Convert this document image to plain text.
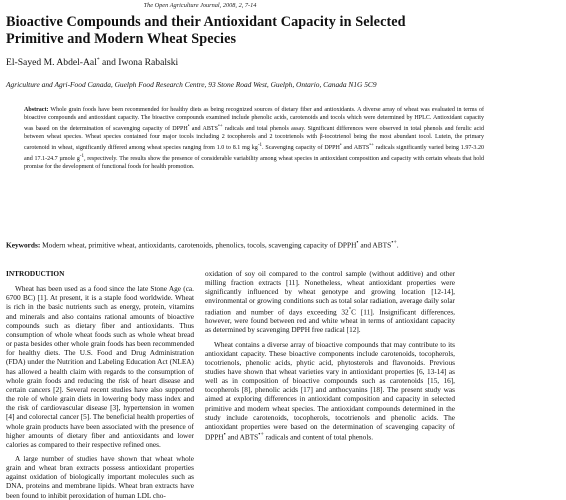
The Open Agriculture Journal, 2008, 2, 7-14
Bioactive Compounds and their Antioxidant Capacity in Selected
Primitive and Modern Wheat Species
El-Sayed M. Abdel-Aal* and Iwona Rabalski
Agriculture and Agri-Food Canada, Guelph Food Research Centre, 93 Stone Road West, Guelph, Ontario, Canada N1G 5C9
Abstract: Whole grain foods have been recommended for healthy diets as being recognized sources of dietary fiber and antioxidants. A diverse array of wheat was evaluated in terms of bioactive compounds and antioxidant capacity. The bioactive compounds examined include phenolic acids, carotenoids and tocols which were determined by HPLC. Antioxidant capacity was based on the determination of scavenging capacity of DPPH• and ABTS•+ radicals and total phenols assay. Significant differences were observed in total phenols and ferulic acid between wheat species. Wheat species contained four major tocols including 2 tocopherols and 2 tocotrienols with β-tocotrienol being the most abundant tocol. Lutein, the primary carotenoid in wheat, significantly differed among wheat species ranging from 1.0 to 8.1 mg $kg^{-1}$. Scavenging capacity of DPPH• and ABTS•+ radicals significantly varied being 1.97-3.20 and 17.1-24.7 µmole $g^{-1}$, respectively. The results show the presence of considerable variability among wheat species in antioxidant composition and capacity with certain wheats that hold promise for the development of functional foods for health promotion.
Keywords: Modern wheat, primitive wheat, antioxidants, carotenoids, phenolics, tocols, scavenging capacity of DPPH• and ABTS•+.
INTRODUCTION

Wheat has been used as a food since the late Stone Age (ca. 6700 BC) [1]. At present, it is a staple food worldwide. Wheat is rich in the basic nutrients such as energy, protein, vitamins and minerals and also contains rational amounts of bioactive compounds such as dietary fiber and antioxidants. Thus consumption of whole wheat foods such as whole wheat bread or pasta besides other whole grain foods has been recommended for healthy diets. The U.S. Food and Drug Administration (FDA) under the Nutrition and Labeling Education Act (NLEA) has allowed a health claim with regards to the consumption of whole grain foods and reducing the risk of heart disease and certain cancers [2]. Several recent studies have also supported the role of whole grain diets in lowering body mass index and the risk of cardiovascular disease [3], hypertension in women [4] and colorectal cancer [5]. The beneficial health properties of whole grain products have been associated with the presence of higher amounts of dietary fiber and antioxidants and lower calories as compared to their respective refined ones.

A large number of studies have shown that wheat whole grain and wheat bran extracts possess antioxidant properties against oxidation of biologically important molecules such as DNA, proteins and membrane lipids. Wheat bran extracts have been found to inhibit peroxidation of human LDL cho-

oxidation of soy oil compared to the control sample (without additive) and other milling fraction extracts [11]. Nonetheless, wheat antioxidant properties were significantly influenced by wheat genotype and growing location [12-14], environmental or growing conditions such as total solar radiation, average daily solar radiation and number of days exceeding 32°C [11]. Insignificant differences, however, were found between red and white wheat in terms of antioxidant capacity as determined by scavenging DPPH free radical [12].

Wheat contains a diverse array of bioactive compounds that may contribute to its antioxidant capacity. These bioactive components include carotenoids, tocopherols, tocotrienols, phenolic acids, phytic acid, phytosterols and flavonoids. Previous studies have shown that wheat varieties vary in antioxidant properties [6, 13-14] as well as in composition of bioactive compounds such as carotenoids [15, 16], tocopherols [8], phenolic acids [17] and anthocyanins [18]. The present study was aimed at exploring differences in antioxidant composition and capacity in selected primitive and modern wheat species. The antioxidant compounds determined in the study include carotenoids, tocopherols, tocotrienols and phenolic acids. The antioxidant properties were based on the determination of scavenging capacity of DPPH• and ABTS•+ radicals and content of total phenols.
